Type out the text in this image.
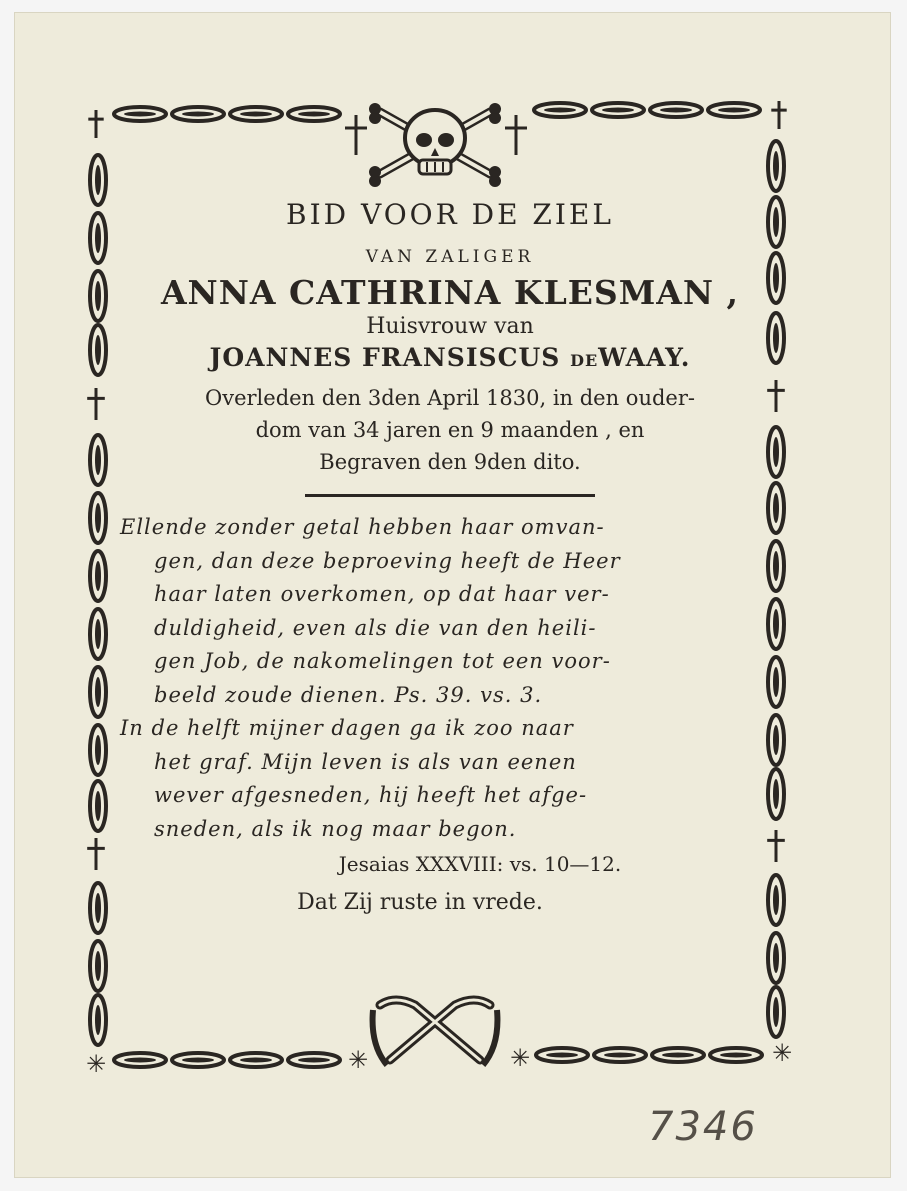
✳	✳	✳	✳

BID VOOR DE ZIEL

VAN ZALIGER

ANNA CATHRINA KLESMAN ,

Huisvrouw van

JOANNES FRANSISCUS DEWAAY.

Overleden den 3den April 1830, in den ouder-
dom van 34 jaren en 9 maanden , en
Begraven den 9den dito.
Ellende zonder getal hebben haar omvan-
gen, dan deze beproeving heeft de Heer
haar laten overkomen, op dat haar ver-
duldigheid, even als die van den heili-
gen Job, de nakomelingen tot een voor-
beeld zoude dienen. Ps. 39. vs. 3.
In de helft mijner dagen ga ik zoo naar
het graf. Mijn leven is als van eenen
wever afgesneden, hij heeft het afge-
sneden, als ik nog maar begon.

Jesaias XXXVIII: vs. 10—12.

Dat Zij ruste in vrede.

7346
